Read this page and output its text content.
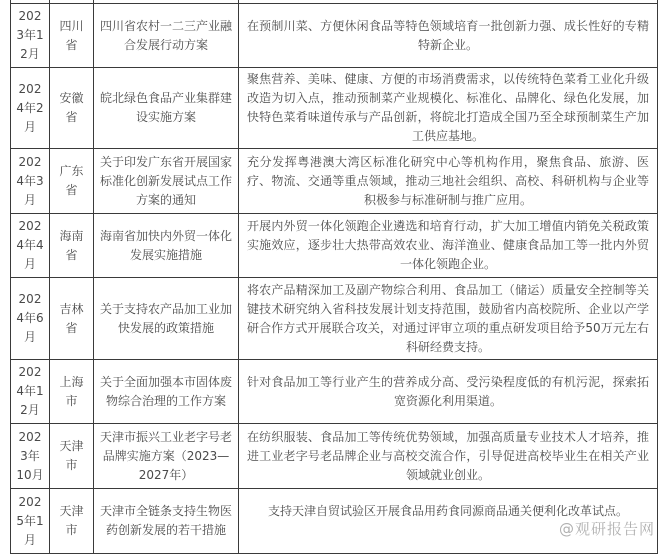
2023年12月	四川省	四川省农村一二三产业融合发展行动方案	在预制川菜、方便休闲食品等特色领域培育一批创新力强、成长性好的专精特新企业。
2024年2月	安徽省	皖北绿色食品产业集群建设实施方案	聚焦营养、美味、健康、方便的市场消费需求，以传统特色菜肴工业化升级改造为切入点，推动预制菜产业规模化、标准化、品牌化、绿色化发展，加快特色菜肴味道传承与产品创新，将皖北打造成全国乃至全球预制菜生产加工供应基地。
2024年3月	广东省	关于印发广东省开展国家标准化创新发展试点工作方案的通知	充分发挥粤港澳大湾区标准化研究中心等机构作用，聚焦食品、旅游、医疗、物流、交通等重点领域，推动三地社会组织、高校、科研机构与企业等积极参与标准研制与推广应用。
2024年4月	海南省	海南省加快内外贸一体化发展实施措施	开展内外贸一体化领跑企业遴选和培育行动，扩大加工增值内销免关税政策实施效应，逐步壮大热带高效农业、海洋渔业、健康食品加工等一批内外贸一体化领跑企业。
2024年6月	吉林省	关于支持农产品加工业加快发展的政策措施	将农产品精深加工及副产物综合利用、食品加工（储运）质量安全控制等关键技术研究纳入省科技发展计划支持范围，鼓励省内高校院所、企业以产学研合作方式开展联合攻关，对通过评审立项的重点研发项目给予50万元左右科研经费支持。
2024年12月	上海市	关于全面加强本市固体废物综合治理的工作方案	针对食品加工等行业产生的营养成分高、受污染程度低的有机污泥，探索拓宽资源化利用渠道。
2023年 10月	天津市	天津市振兴工业老字号老品牌实施方案（2023—2027年）	在纺织服装、食品加工等传统优势领域，加强高质量专业技术人才培养，推进工业老字号老品牌企业与高校交流合作，引导促进高校毕业生在相关产业领域就业创业。
2025年1月	天津市	天津市全链条支持生物医药创新发展的若干措施	支持天津自贸试验区开展食品用药食同源商品通关便利化改革试点。
@观研报告网
